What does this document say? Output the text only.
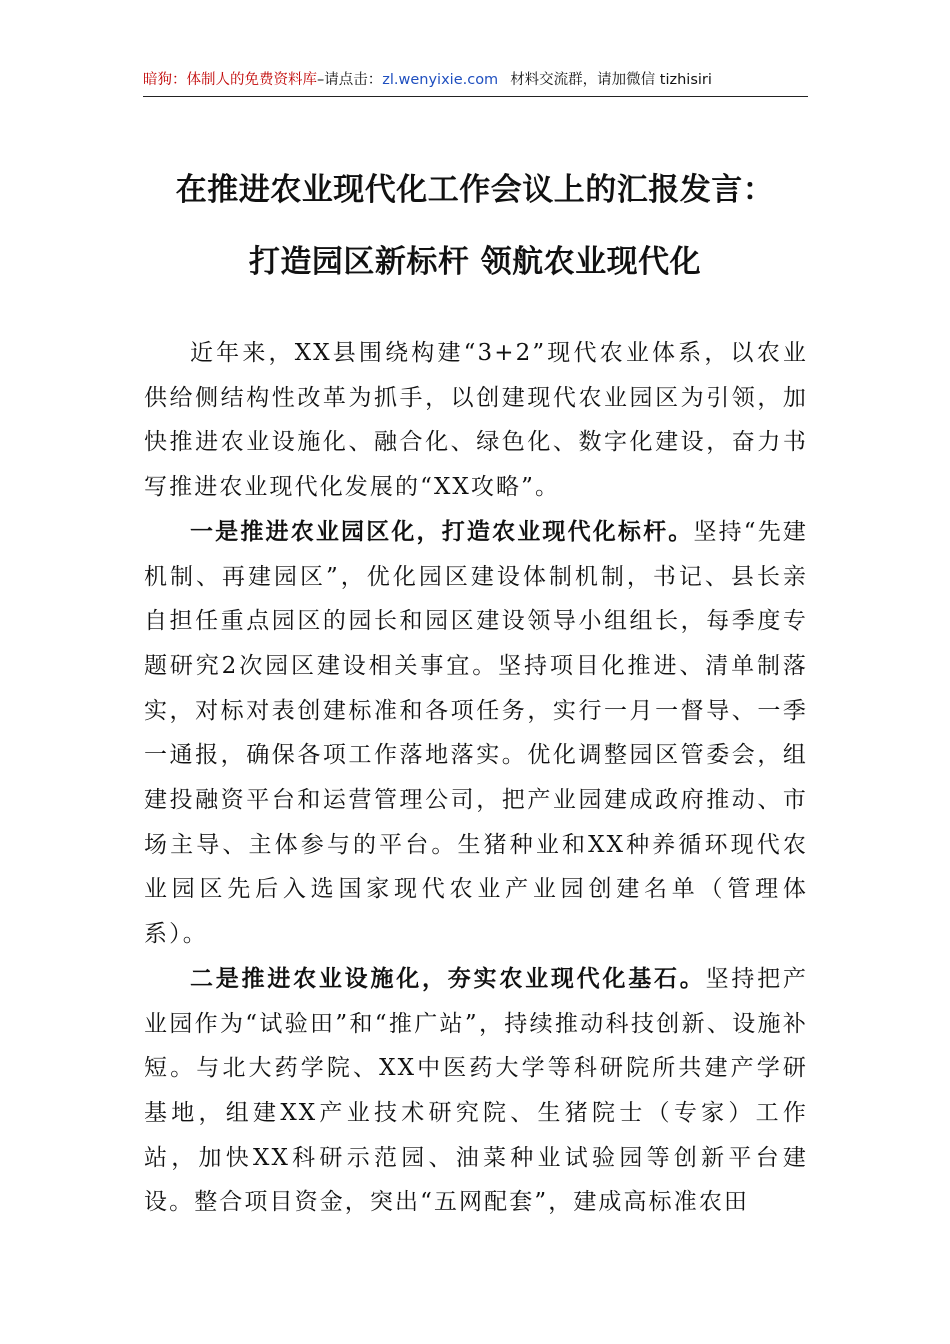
暗狗：体制人的免费资料库–请点击：zl.wenyixie.com 材料交流群，请加微信 tizhisiri
在推进农业现代化工作会议上的汇报发言：
打造园区新标杆 领航农业现代化

近年来，XX县围绕构建“3+2”现代农业体系，以农业供给侧结构性改革为抓手，以创建现代农业园区为引领，加快推进农业设施化、融合化、绿色化、数字化建设，奋力书写推进农业现代化发展的“XX攻略”。

一是推进农业园区化，打造农业现代化标杆。坚持“先建机制、再建园区”，优化园区建设体制机制，书记、县长亲自担任重点园区的园长和园区建设领导小组组长，每季度专题研究2次园区建设相关事宜。坚持项目化推进、清单制落实，对标对表创建标准和各项任务，实行一月一督导、一季一通报，确保各项工作落地落实。优化调整园区管委会，组建投融资平台和运营管理公司，把产业园建成政府推动、市场主导、主体参与的平台。生猪种业和XX种养循环现代农业园区先后入选国家现代农业产业园创建名单（管理体系）。

二是推进农业设施化，夯实农业现代化基石。坚持把产业园作为“试验田”和“推广站”，持续推动科技创新、设施补短。与北大药学院、XX中医药大学等科研院所共建产学研基地，组建XX产业技术研究院、生猪院士（专家）工作站，加快XX科研示范园、油菜种业试验园等创新平台建设。整合项目资金，突出“五网配套”，建成高标准农田
